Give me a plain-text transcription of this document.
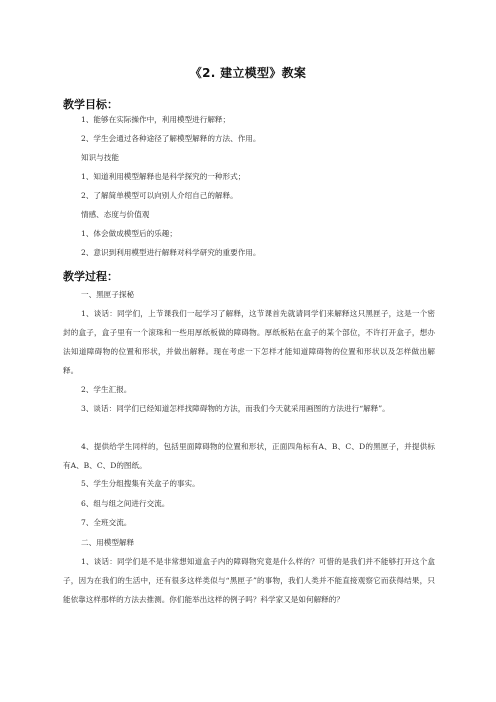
《2. 建立模型》教案
教学目标：
1、能够在实际操作中，利用模型进行解释；
2、学生会通过各种途径了解模型解释的方法、作用。
知识与技能
1、知道利用模型解释也是科学探究的一种形式；
2、了解简单模型可以向别人介绍自己的解释。
情感、态度与价值观
1、体会做成模型后的乐趣；
2、意识到利用模型进行解释对科学研究的重要作用。
教学过程：
一、黑匣子探秘

1、谈话：同学们，上节课我们一起学习了解释，这节课首先就请同学们来解释这只黑匣子，这是一个密封的盒子，盒子里有一个滚珠和一些用厚纸板做的障碍物。厚纸板粘在盒子的某个部位，不许打开盒子，想办法知道障碍物的位置和形状，并做出解释。现在考虑一下怎样才能知道障碍物的位置和形状以及怎样做出解释。

2、学生汇报。

3、谈话：同学们已经知道怎样找障碍物的方法，而我们今天就采用画图的方法进行“解释”。

4、提供给学生同样的，包括里面障碍物的位置和形状，正面四角标有A、B、C、D的黑匣子，并提供标有A、B、C、D的图纸。

5、学生分组搜集有关盒子的事实。
6、组与组之间进行交流。
7、全班交流。
二、用模型解释

1、谈话：同学们是不是非常想知道盒子内的障碍物究竟是什么样的？可惜的是我们并不能够打开这个盒子，因为在我们的生活中，还有很多这样类似与“黑匣子”的事物，我们人类并不能直接观察它而获得结果，只能依靠这样那样的方法去推测。你们能举出这样的例子吗？科学家又是如何解释的？
